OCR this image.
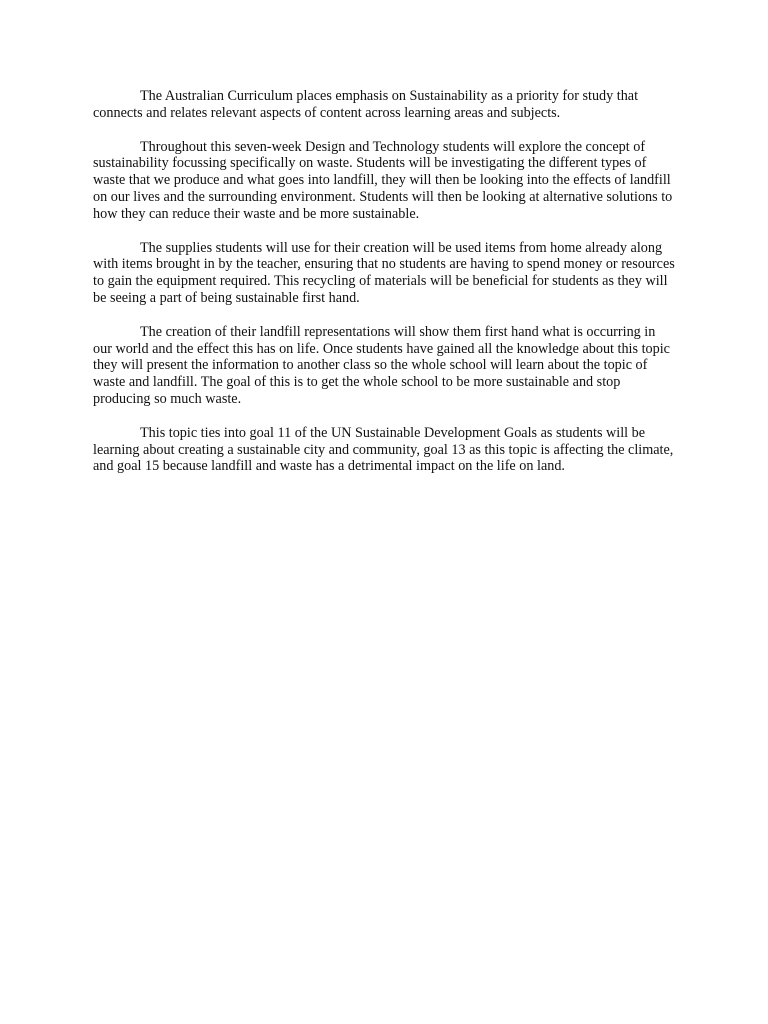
The Australian Curriculum places emphasis on Sustainability as a priority for study that connects and relates relevant aspects of content across learning areas and subjects.

Throughout this seven-week Design and Technology students will explore the concept of sustainability focussing specifically on waste. Students will be investigating the different types of waste that we produce and what goes into landfill, they will then be looking into the effects of landfill on our lives and the surrounding environment. Students will then be looking at alternative solutions to how they can reduce their waste and be more sustainable.

The supplies students will use for their creation will be used items from home already along with items brought in by the teacher, ensuring that no students are having to spend money or resources to gain the equipment required. This recycling of materials will be beneficial for students as they will be seeing a part of being sustainable first hand.

The creation of their landfill representations will show them first hand what is occurring in our world and the effect this has on life. Once students have gained all the knowledge about this topic they will present the information to another class so the whole school will learn about the topic of waste and landfill. The goal of this is to get the whole school to be more sustainable and stop producing so much waste.

This topic ties into goal 11 of the UN Sustainable Development Goals as students will be learning about creating a sustainable city and community, goal 13 as this topic is affecting the climate, and goal 15 because landfill and waste has a detrimental impact on the life on land.
